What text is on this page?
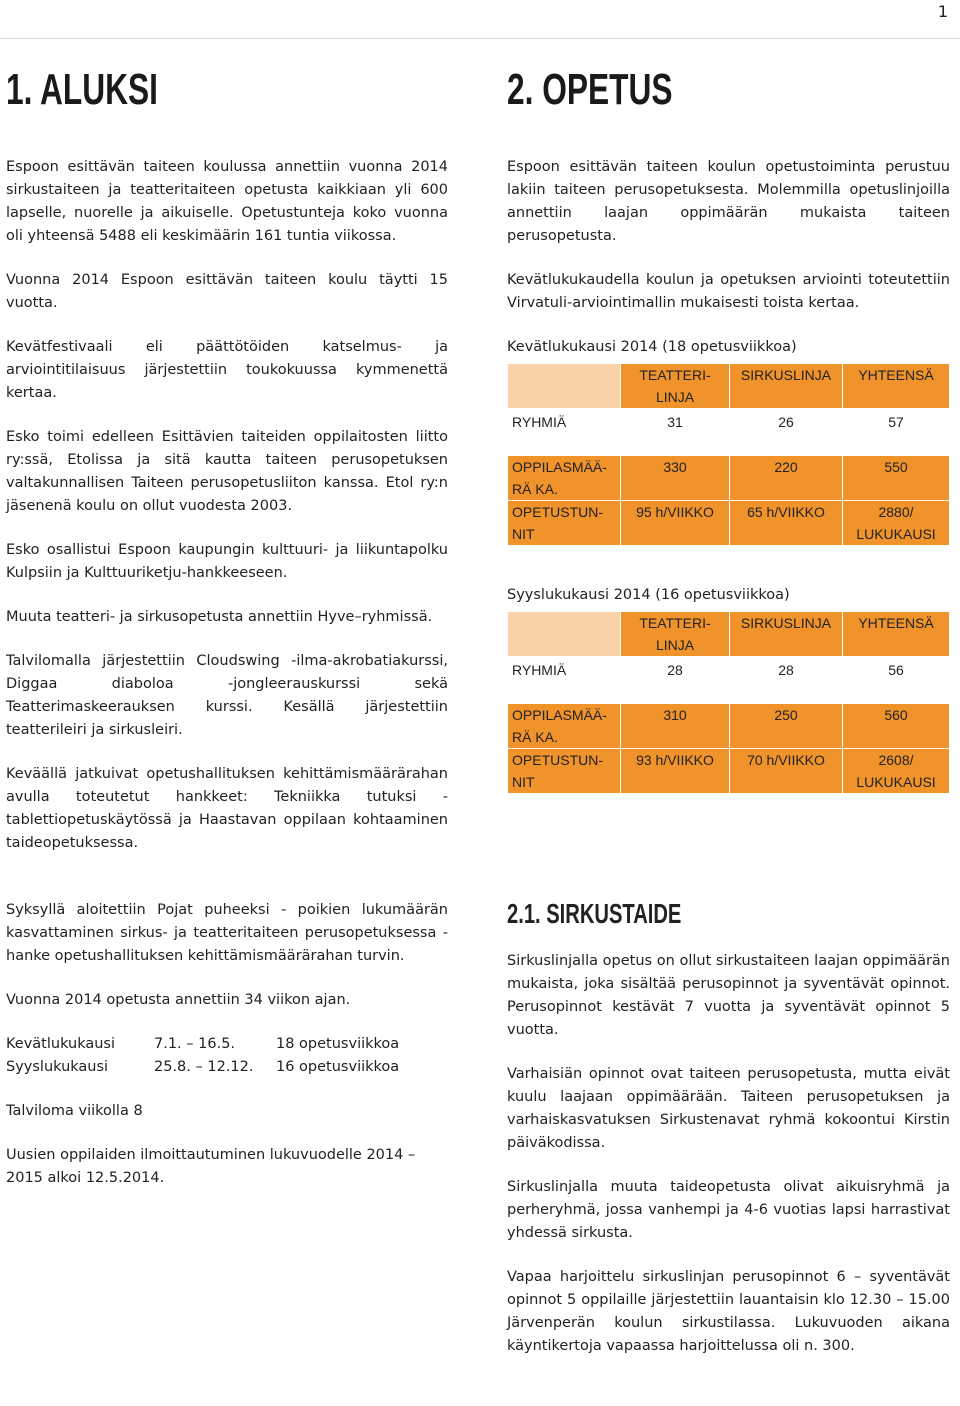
1
1. ALUKSI

Espoon esittävän taiteen koulussa annettiin vuonna 2014 sirkustaiteen ja teatteritaiteen opetusta kaikkiaan yli 600 lapselle, nuorelle ja aikuiselle. Opetustunteja koko vuonna oli yhteensä 5488 eli keskimäärin 161 tuntia viikossa.

Vuonna 2014 Espoon esittävän taiteen koulu täytti 15 vuotta.

Kevätfestivaali eli päättötöiden katselmus- ja arviointitilaisuus järjestettiin toukokuussa kymmenettä kertaa.

Esko toimi edelleen Esittävien taiteiden oppilaitosten liitto ry:ssä, Etolissa ja sitä kautta taiteen perusopetuksen valtakunnallisen Taiteen perusopetusliiton kanssa. Etol ry:n jäsenenä koulu on ollut vuodesta 2003.

Esko osallistui Espoon kaupungin kulttuuri- ja liikuntapolku Kulpsiin ja Kulttuuriketju-hankkeeseen.

Muuta teatteri- ja sirkusopetusta annettiin Hyve–ryhmissä.

Talvilomalla järjestettiin Cloudswing -ilma-akrobatiakurssi, Diggaa diaboloa -jongleerauskurssi sekä Teatterimaskeerauksen kurssi. Kesällä järjestettiin teatterileiri ja sirkusleiri.

Keväällä jatkuivat opetushallituksen kehittämismäärärahan avulla toteutetut hankkeet: Tekniikka tutuksi - tablettiopetuskäytössä ja Haastavan oppilaan kohtaaminen taideopetuksessa.

Syksyllä aloitettiin Pojat puheeksi - poikien lukumäärän kasvattaminen sirkus- ja teatteritaiteen perusopetuksessa -hanke opetushallituksen kehittämismäärärahan turvin.

Vuonna 2014 opetusta annettiin 34 viikon ajan.

Kevätlukukausi	7.1. – 16.5.	18 opetusviikkoa
Syyslukukausi	25.8. – 12.12.	16 opetusviikkoa

Talviloma viikolla 8

Uusien oppilaiden ilmoittautuminen lukuvuodelle 2014 – 2015 alkoi 12.5.2014.

2. OPETUS

Espoon esittävän taiteen koulun opetustoiminta perustuu lakiin taiteen perusopetuksesta. Molemmilla opetuslinjoilla annettiin laajan oppimäärän mukaista taiteen perusopetusta.

Kevätlukukaudella koulun ja opetuksen arviointi toteutettiin Virvatuli-arviointimallin mukaisesti toista kertaa.

Kevätlukukausi 2014 (18 opetusviikkoa)
	TEATTERI-LINJA	SIRKUSLINJA	YHTEENSÄ
RYHMIÄ	31	26	57
OPPILASMÄÄ-RÄ KA.	330	220	550
OPETUSTUN-NIT	95 h/VIIKKO	65 h/VIIKKO	2880/ LUKUKAUSI
Syyslukukausi 2014 (16 opetusviikkoa)
	TEATTERI-LINJA	SIRKUSLINJA	YHTEENSÄ
RYHMIÄ	28	28	56
OPPILASMÄÄ-RÄ KA.	310	250	560
OPETUSTUN-NIT	93 h/VIIKKO	70 h/VIIKKO	2608/ LUKUKAUSI
2.1. SIRKUSTAIDE

Sirkuslinjalla opetus on ollut sirkustaiteen laajan oppimäärän mukaista, joka sisältää perusopinnot ja syventävät opinnot. Perusopinnot kestävät 7 vuotta ja syventävät opinnot 5 vuotta.

Varhaisiän opinnot ovat taiteen perusopetusta, mutta eivät kuulu laajaan oppimäärään. Taiteen perusopetuksen ja varhaiskasvatuksen Sirkustenavat ryhmä kokoontui Kirstin päiväkodissa.

Sirkuslinjalla muuta taideopetusta olivat aikuisryhmä ja perheryhmä, jossa vanhempi ja 4-6 vuotias lapsi harrastivat yhdessä sirkusta.

Vapaa harjoittelu sirkuslinjan perusopinnot 6 – syventävät opinnot 5 oppilaille järjestettiin lauantaisin klo 12.30 – 15.00 Järvenperän koulun sirkustilassa. Lukuvuoden aikana käyntikertoja vapaassa harjoittelussa oli n. 300.
